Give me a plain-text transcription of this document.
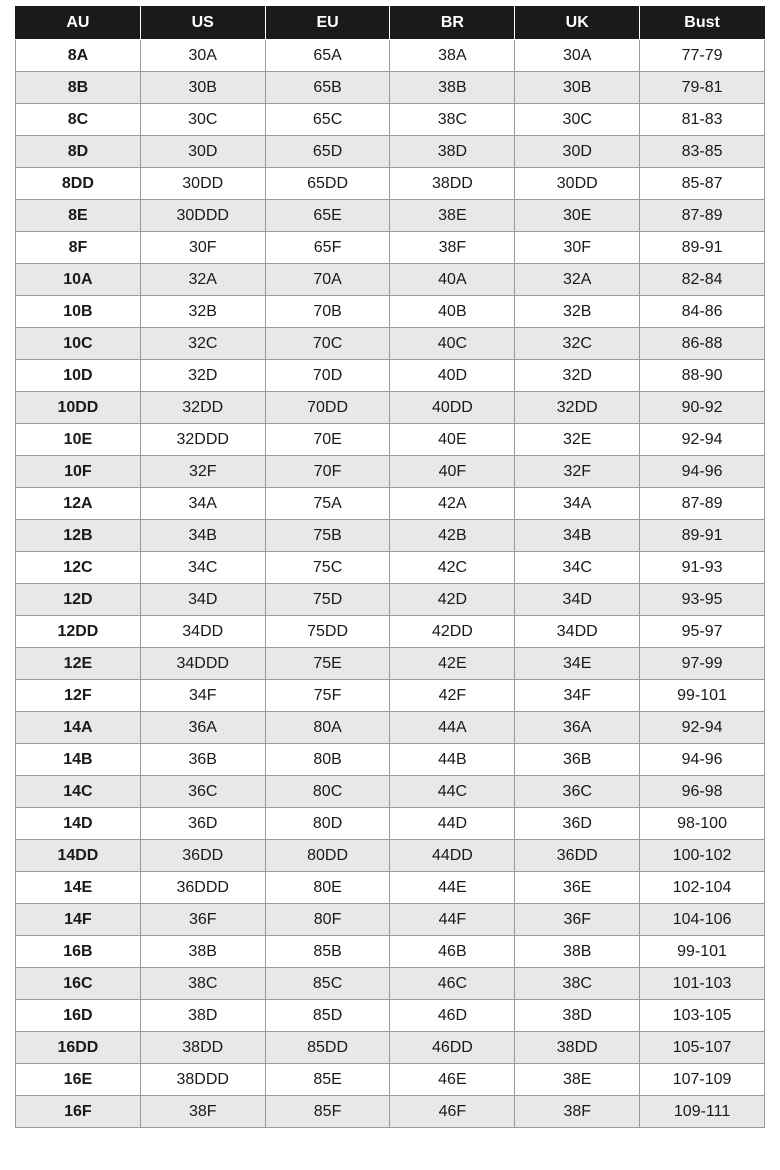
AU	US	EU	BR	UK	Bust
8A	30A	65A	38A	30A	77-79
8B	30B	65B	38B	30B	79-81
8C	30C	65C	38C	30C	81-83
8D	30D	65D	38D	30D	83-85
8DD	30DD	65DD	38DD	30DD	85-87
8E	30DDD	65E	38E	30E	87-89
8F	30F	65F	38F	30F	89-91
10A	32A	70A	40A	32A	82-84
10B	32B	70B	40B	32B	84-86
10C	32C	70C	40C	32C	86-88
10D	32D	70D	40D	32D	88-90
10DD	32DD	70DD	40DD	32DD	90-92
10E	32DDD	70E	40E	32E	92-94
10F	32F	70F	40F	32F	94-96
12A	34A	75A	42A	34A	87-89
12B	34B	75B	42B	34B	89-91
12C	34C	75C	42C	34C	91-93
12D	34D	75D	42D	34D	93-95
12DD	34DD	75DD	42DD	34DD	95-97
12E	34DDD	75E	42E	34E	97-99
12F	34F	75F	42F	34F	99-101
14A	36A	80A	44A	36A	92-94
14B	36B	80B	44B	36B	94-96
14C	36C	80C	44C	36C	96-98
14D	36D	80D	44D	36D	98-100
14DD	36DD	80DD	44DD	36DD	100-102
14E	36DDD	80E	44E	36E	102-104
14F	36F	80F	44F	36F	104-106
16B	38B	85B	46B	38B	99-101
16C	38C	85C	46C	38C	101-103
16D	38D	85D	46D	38D	103-105
16DD	38DD	85DD	46DD	38DD	105-107
16E	38DDD	85E	46E	38E	107-109
16F	38F	85F	46F	38F	109-111
